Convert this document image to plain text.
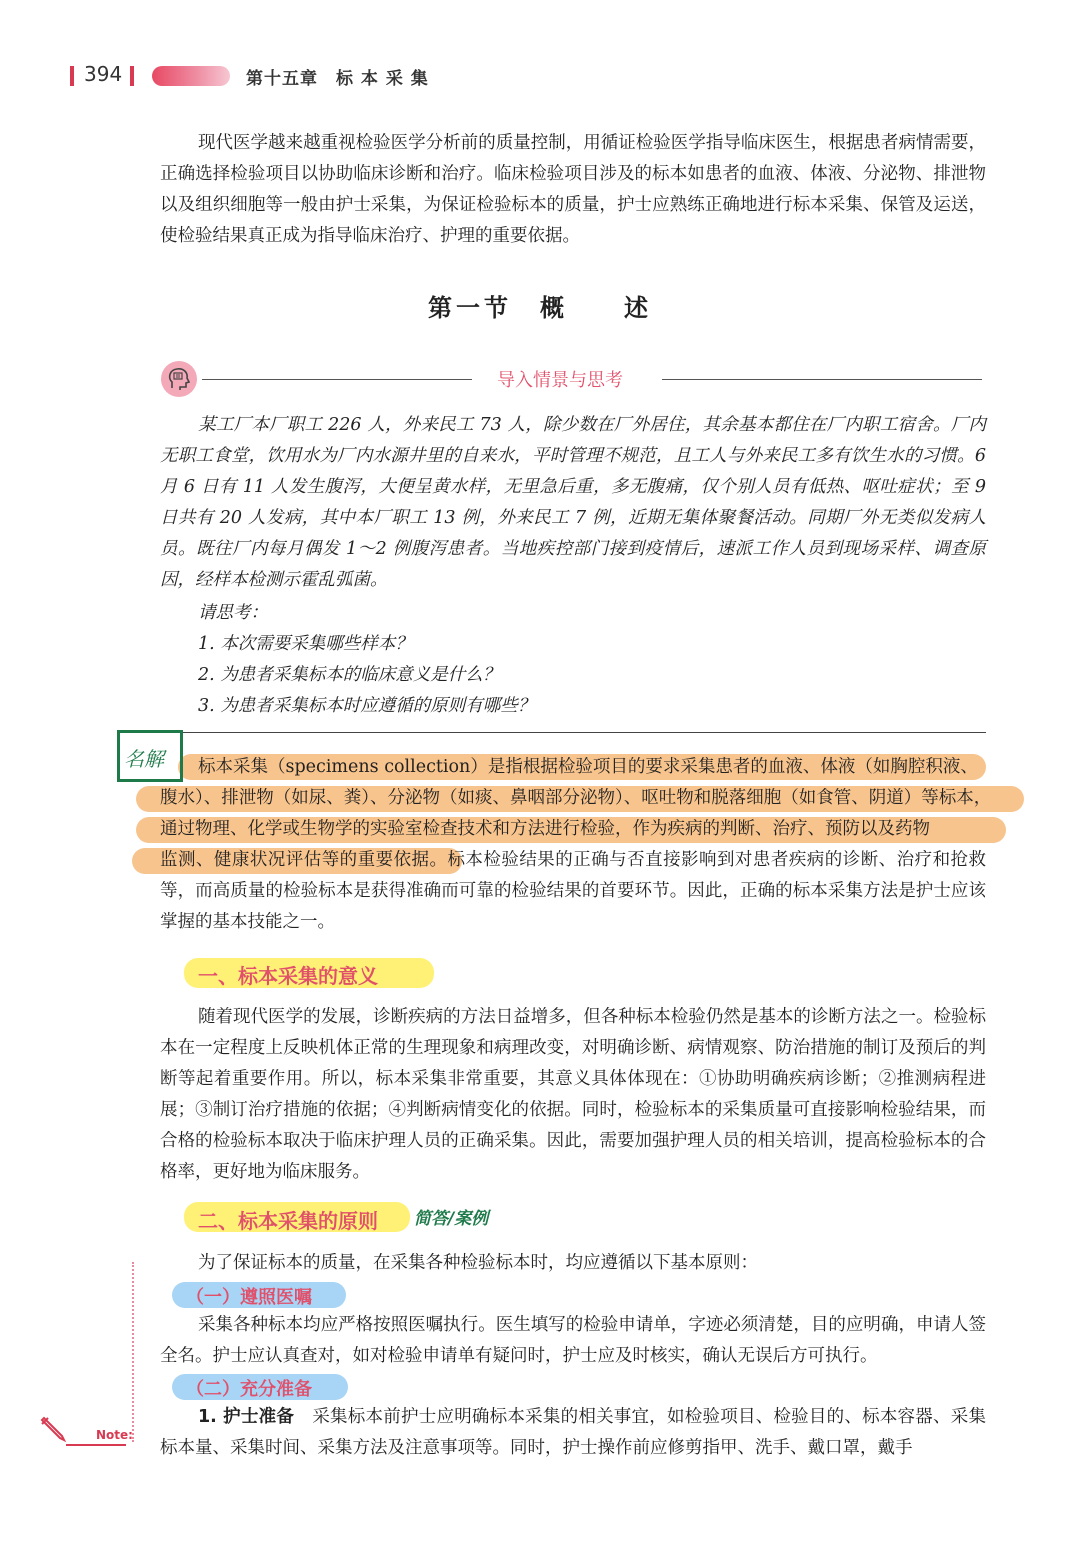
394	第十五章　标 本 采 集

现代医学越来越重视检验医学分析前的质量控制，用循证检验医学指导临床医生，根据患者病情需要，正确选择检验项目以协助临床诊断和治疗。临床检验项目涉及的标本如患者的血液、体液、分泌物、排泄物以及组织细胞等一般由护士采集，为保证检验标本的质量，护士应熟练正确地进行标本采集、保管及运送，使检验结果真正成为指导临床治疗、护理的重要依据。

第一节　概　　述
导入情景与思考

某工厂本厂职工 226 人，外来民工 73 人，除少数在厂外居住，其余基本都住在厂内职工宿舍。厂内无职工食堂，饮用水为厂内水源井里的自来水，平时管理不规范，且工人与外来民工多有饮生水的习惯。6 月 6 日有 11 人发生腹泻，大便呈黄水样，无里急后重，多无腹痛，仅个别人员有低热、呕吐症状；至 9 日共有 20 人发病，其中本厂职工 13 例，外来民工 7 例，近期无集体聚餐活动。同期厂外无类似发病人员。既往厂内每月偶发 1～2 例腹泻患者。当地疾控部门接到疫情后，速派工作人员到现场采样、调查原因，经样本检测示霍乱弧菌。

请思考：
1. 本次需要采集哪些样本？
2. 为患者采集标本的临床意义是什么？
3. 为患者采集标本时应遵循的原则有哪些？
名解 标本采集（specimens collection）是指根据检验项目的要求采集患者的血液、体液（如胸腔积液、
腹水）、排泄物（如尿、粪）、分泌物（如痰、鼻咽部分泌物）、呕吐物和脱落细胞（如食管、阴道）等标本，
通过物理、化学或生物学的实验室检查技术和方法进行检验，作为疾病的判断、治疗、预防以及药物

监测、健康状况评估等的重要依据。标本检验结果的正确与否直接影响到对患者疾病的诊断、治疗和抢救等，而高质量的检验标本是获得准确而可靠的检验结果的首要环节。因此，正确的标本采集方法是护士应该掌握的基本技能之一。

一、标本采集的意义

随着现代医学的发展，诊断疾病的方法日益增多，但各种标本检验仍然是基本的诊断方法之一。检验标本在一定程度上反映机体正常的生理现象和病理改变，对明确诊断、病情观察、防治措施的制订及预后的判断等起着重要作用。所以，标本采集非常重要，其意义具体体现在：①协助明确疾病诊断；②推测病程进展；③制订治疗措施的依据；④判断病情变化的依据。同时，检验标本的采集质量可直接影响检验结果，而合格的检验标本取决于临床护理人员的正确采集。因此，需要加强护理人员的相关培训，提高检验标本的合格率，更好地为临床服务。

二、标本采集的原则 简答/案例
为了保证标本的质量，在采集各种检验标本时，均应遵循以下基本原则：
（一）遵照医嘱

采集各种标本均应严格按照医嘱执行。医生填写的检验申请单，字迹必须清楚，目的应明确，申请人签全名。护士应认真查对，如对检验申请单有疑问时，护士应及时核实，确认无误后方可执行。

（二）充分准备

1. 护士准备 采集标本前护士应明确标本采集的相关事宜，如检验项目、检验目的、标本容器、采集标本量、采集时间、采集方法及注意事项等。同时，护士操作前应修剪指甲、洗手、戴口罩，戴手

Note:
